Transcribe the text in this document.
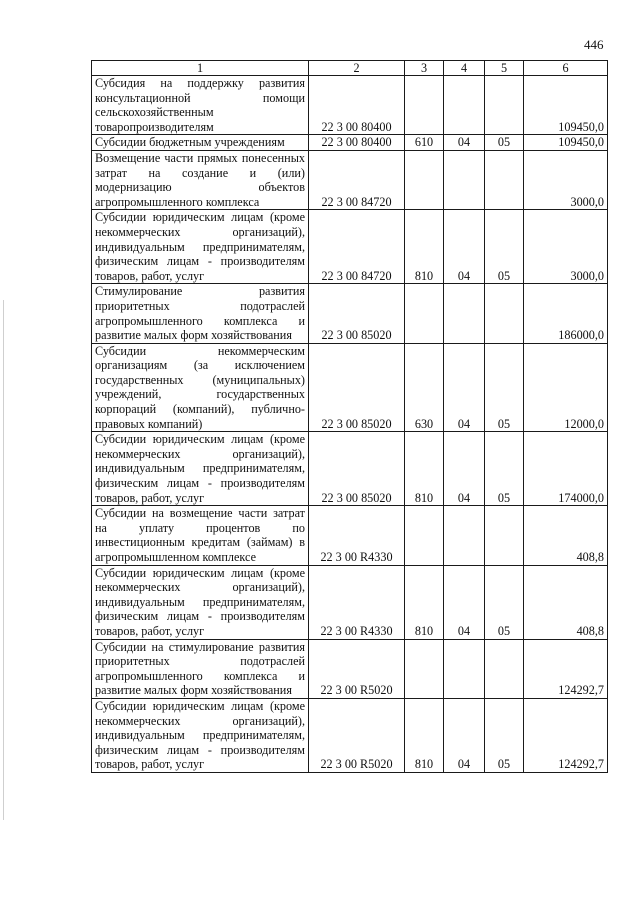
446
1	2	3	4	5	6
Субсидия на поддержку развития консультационной помощи сельскохозяйственным товаропроизводителям	22 3 00 80400				109450,0
Субсидии бюджетным учреждениям	22 3 00 80400	610	04	05	109450,0
Возмещение части прямых понесенных затрат на создание и (или) модернизацию объектов агропромышленного комплекса	22 3 00 84720				3000,0
Субсидии юридическим лицам (кроме некоммерческих организаций), индивидуальным предпринимателям, физическим лицам - производителям товаров, работ, услуг	22 3 00 84720	810	04	05	3000,0
Стимулирование развития приоритетных подотраслей агропромышленного комплекса и развитие малых форм хозяйствования	22 3 00 85020				186000,0
Субсидии некоммерческим организациям (за исключением государственных (муниципальных) учреждений, государственных корпораций (компаний), публично-правовых компаний)	22 3 00 85020	630	04	05	12000,0
Субсидии юридическим лицам (кроме некоммерческих организаций), индивидуальным предпринимателям, физическим лицам - производителям товаров, работ, услуг	22 3 00 85020	810	04	05	174000,0
Субсидии на возмещение части затрат на уплату процентов по инвестиционным кредитам (займам) в агропромышленном комплексе	22 3 00 R4330				408,8
Субсидии юридическим лицам (кроме некоммерческих организаций), индивидуальным предпринимателям, физическим лицам - производителям товаров, работ, услуг	22 3 00 R4330	810	04	05	408,8
Субсидии на стимулирование развития приоритетных подотраслей агропромышленного комплекса и развитие малых форм хозяйствования	22 3 00 R5020				124292,7
Субсидии юридическим лицам (кроме некоммерческих организаций), индивидуальным предпринимателям, физическим лицам - производителям товаров, работ, услуг	22 3 00 R5020	810	04	05	124292,7
